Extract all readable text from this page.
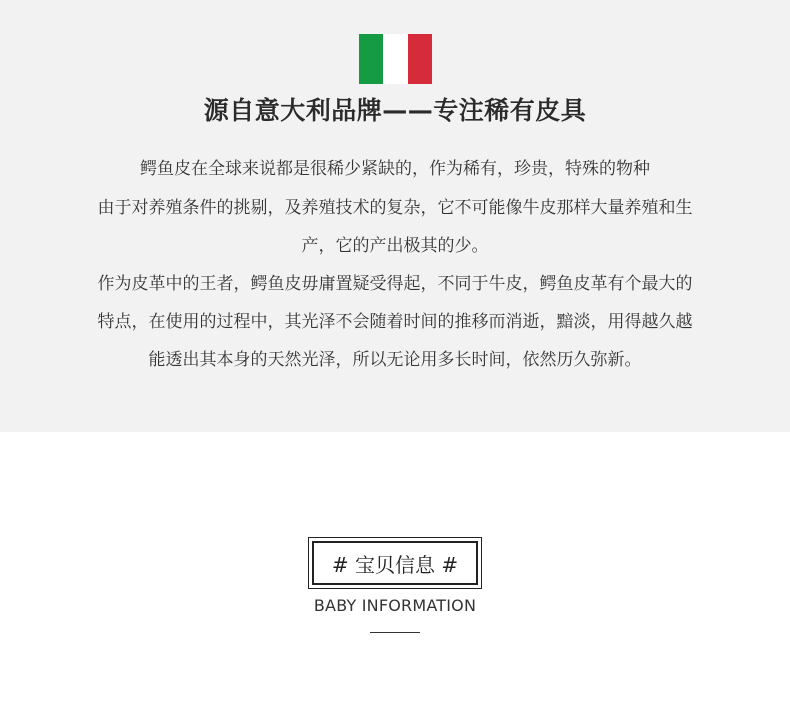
源自意大利品牌——专注稀有皮具
鳄鱼皮在全球来说都是很稀少紧缺的，作为稀有，珍贵，特殊的物种
由于对养殖条件的挑剔，及养殖技术的复杂，它不可能像牛皮那样大量养殖和生
产，它的产出极其的少。
作为皮革中的王者，鳄鱼皮毋庸置疑受得起，不同于牛皮，鳄鱼皮革有个最大的
特点，在使用的过程中，其光泽不会随着时间的推移而消逝，黯淡，用得越久越
能透出其本身的天然光泽，所以无论用多长时间，依然历久弥新。
# 宝贝信息 #
BABY INFORMATION
